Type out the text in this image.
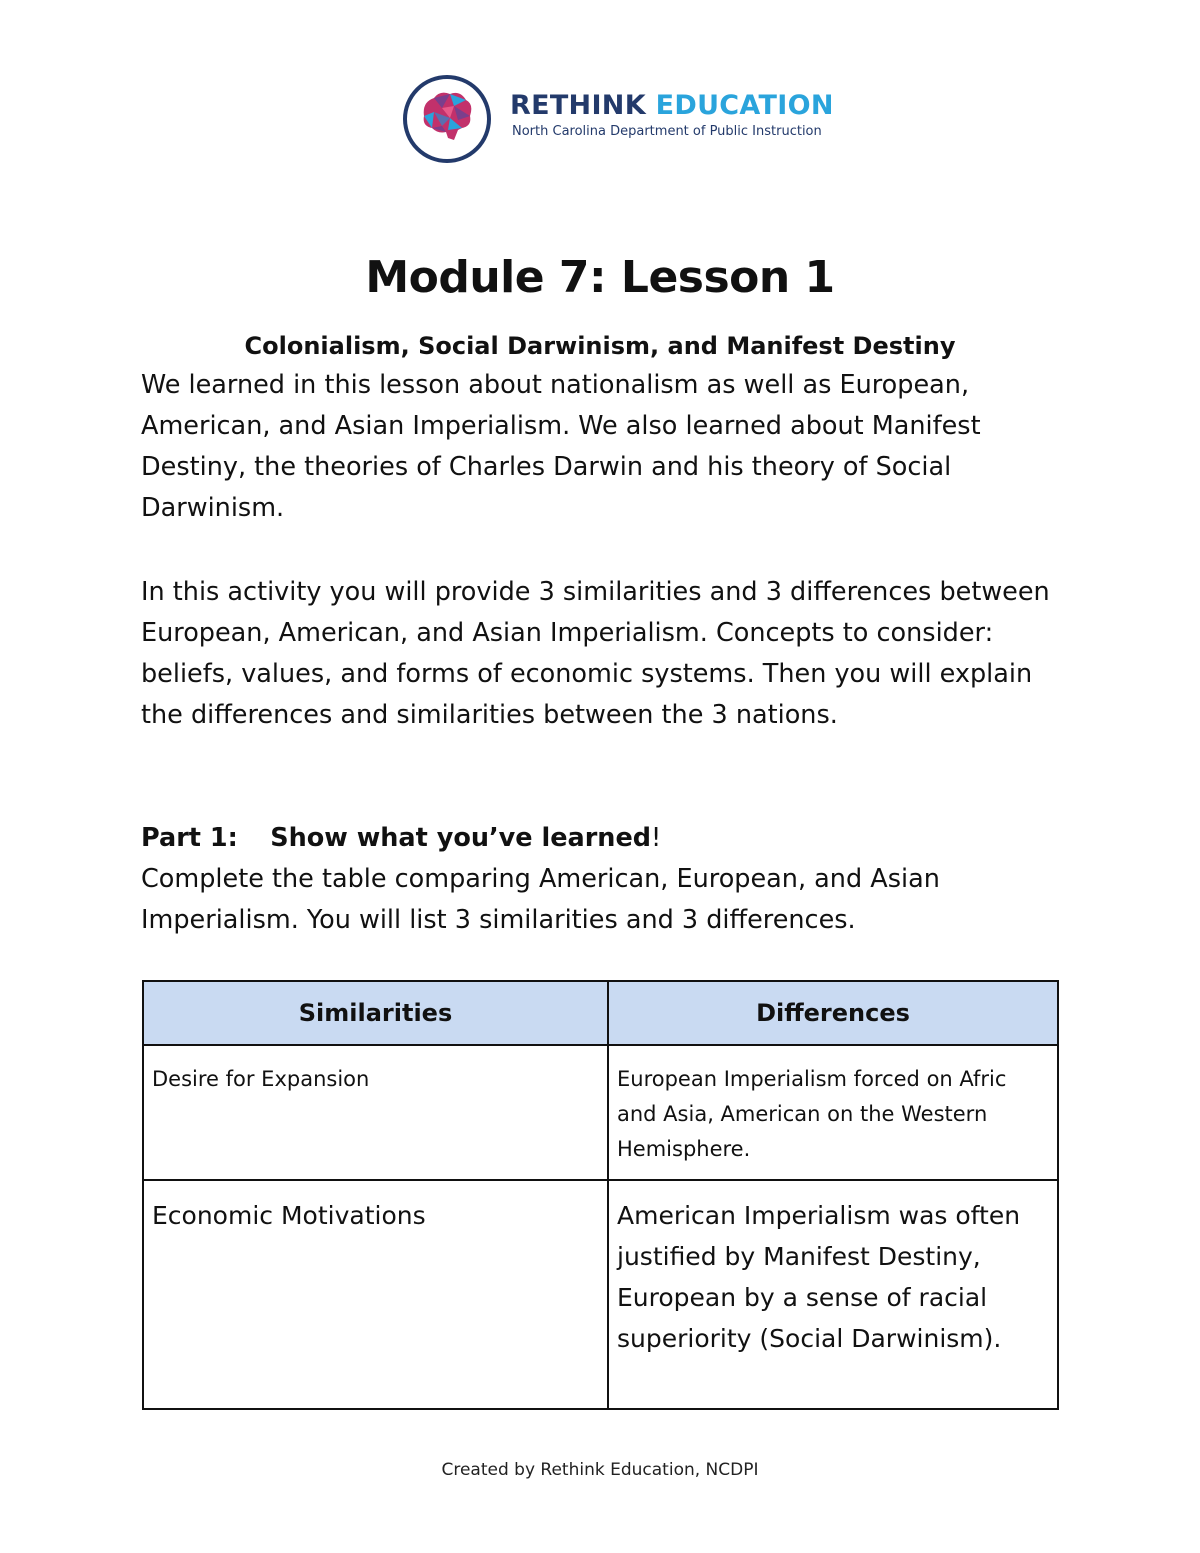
RETHINK EDUCATION
North Carolina Department of Public Instruction
Module 7: Lesson 1
Colonialism, Social Darwinism, and Manifest Destiny

We learned in this lesson about nationalism as well as European, American, and Asian Imperialism. We also learned about Manifest Destiny, the theories of Charles Darwin and his theory of Social Darwinism.

In this activity you will provide 3 similarities and 3 differences between European, American, and Asian Imperialism. Concepts to consider: beliefs, values, and forms of economic systems. Then you will explain the differences and similarities between the 3 nations.

Part 1: Show what you’ve learned!

Complete the table comparing American, European, and Asian Imperialism. You will list 3 similarities and 3 differences.

Similarities	Differences
Desire for Expansion	European Imperialism forced on Afric and Asia, American on the Western Hemisphere.
Economic Motivations	American Imperialism was often justified by Manifest Destiny, European by a sense of racial superiority (Social Darwinism).
Created by Rethink Education, NCDPI
